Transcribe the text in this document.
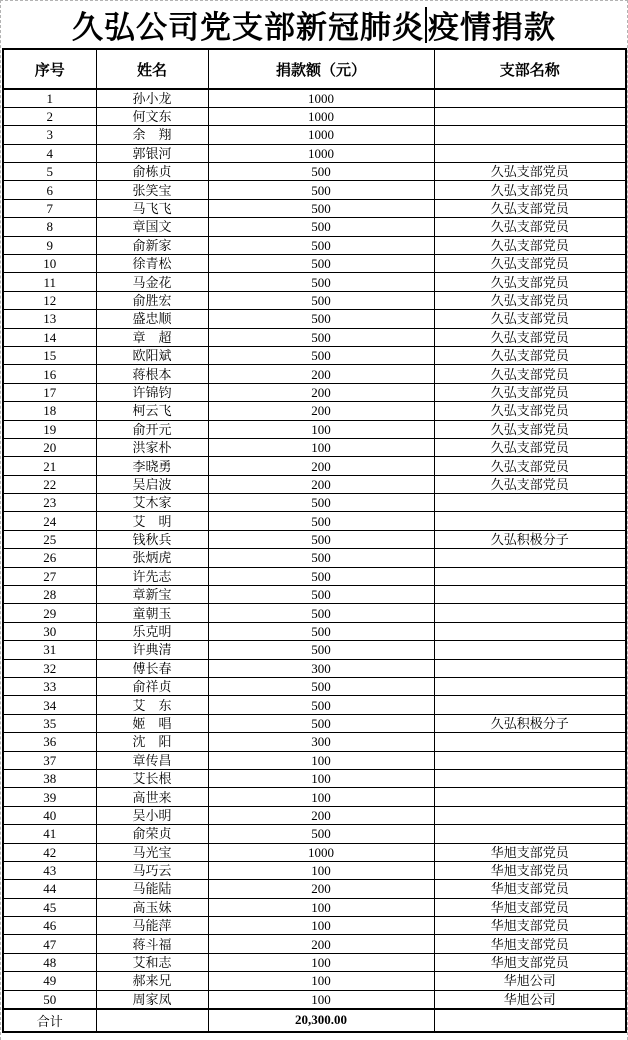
久弘公司党支部新冠肺炎 疫情捐款
序号	姓名	捐款额（元）	支部名称
1	孙小龙	1000	
2	何文东	1000	
3	余　翔	1000	
4	郭银河	1000	
5	俞栋贞	500	久弘支部党员
6	张笑宝	500	久弘支部党员
7	马飞飞	500	久弘支部党员
8	章国文	500	久弘支部党员
9	俞新家	500	久弘支部党员
10	徐青松	500	久弘支部党员
11	马金花	500	久弘支部党员
12	俞胜宏	500	久弘支部党员
13	盛忠顺	500	久弘支部党员
14	章　超	500	久弘支部党员
15	欧阳斌	500	久弘支部党员
16	蒋根本	200	久弘支部党员
17	许锦钧	200	久弘支部党员
18	柯云飞	200	久弘支部党员
19	俞开元	100	久弘支部党员
20	洪家朴	100	久弘支部党员
21	李晓勇	200	久弘支部党员
22	吴启波	200	久弘支部党员
23	艾木家	500	
24	艾　明	500	
25	钱秋兵	500	久弘积极分子
26	张炳虎	500	
27	许先志	500	
28	章新宝	500	
29	童朝玉	500	
30	乐克明	500	
31	许典清	500	
32	傅长春	300	
33	俞祥贞	500	
34	艾　东	500	
35	姬　唱	500	久弘积极分子
36	沈　阳	300	
37	章传昌	100	
38	艾长根	100	
39	高世来	100	
40	吴小明	200	
41	俞荣贞	500	
42	马光宝	1000	华旭支部党员
43	马巧云	100	华旭支部党员
44	马能陆	200	华旭支部党员
45	高玉妹	100	华旭支部党员
46	马能萍	100	华旭支部党员
47	蒋斗福	200	华旭支部党员
48	艾和志	100	华旭支部党员
49	郝来兄	100	华旭公司
50	周家凤	100	华旭公司
合计		20,300.00	
